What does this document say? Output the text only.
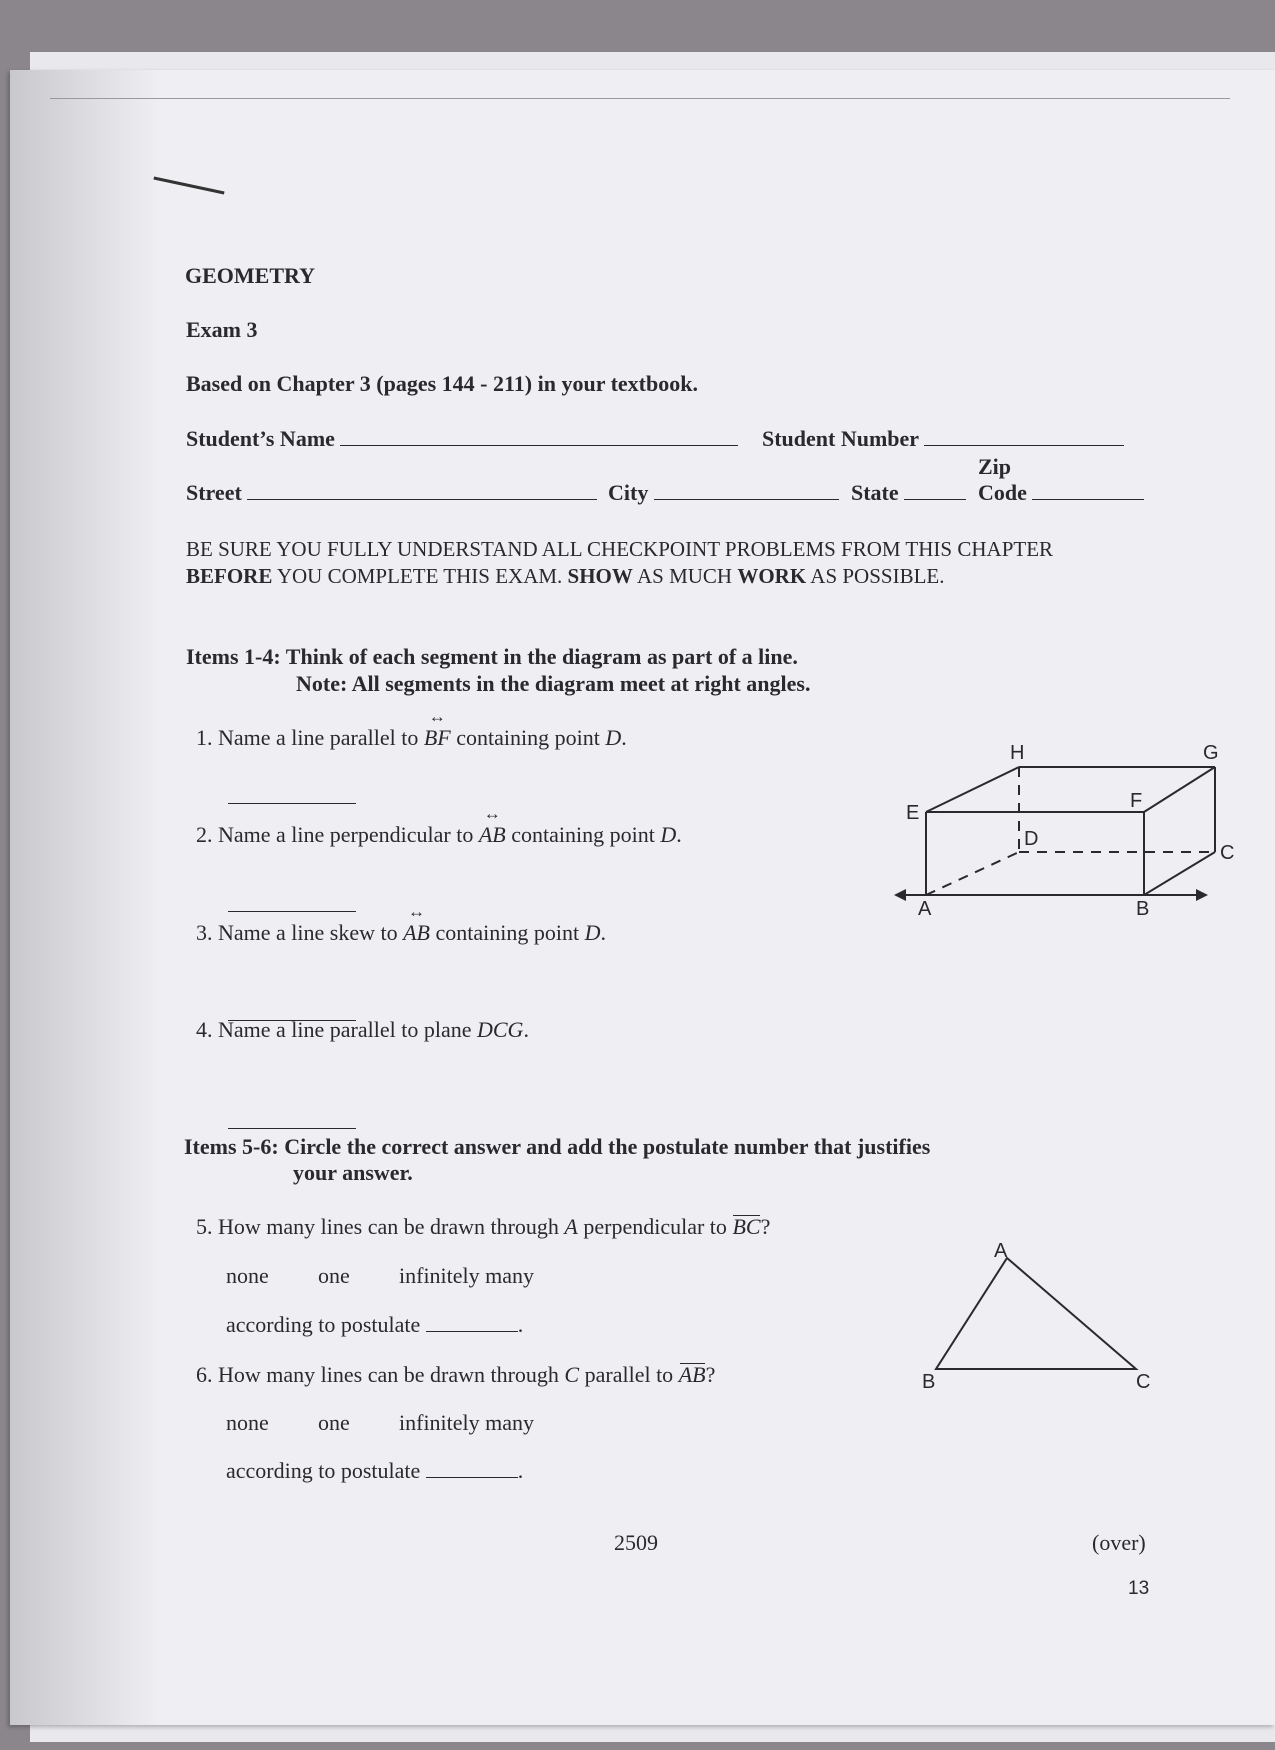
GEOMETRY
Exam 3
Based on Chapter 3 (pages 144 - 211) in your textbook.
Student’s Name	Student Number
Street	City	State
Zip
Code
BE SURE YOU FULLY UNDERSTAND ALL CHECKPOINT PROBLEMS FROM THIS CHAPTER
BEFORE YOU COMPLETE THIS EXAM. SHOW AS MUCH WORK AS POSSIBLE.
Items 1-4: Think of each segment in the diagram as part of a line.
Note: All segments in the diagram meet at right angles.
1. Name a line parallel to ↔ BF containing point D.
2. Name a line perpendicular to ↔ AB containing point D.
3. Name a line skew to ↔ AB containing point D.
4. Name a line parallel to plane DCG.
H	G
E
F
D
C
A	B
Items 5-6: Circle the correct answer and add the postulate number that justifies
your answer.
5. How many lines can be drawn through A perpendicular to BC?
none one infinitely many
according to postulate	.
A
B	C
6. How many lines can be drawn through C parallel to AB?
none one infinitely many
according to postulate	.
2509	(over)
13
